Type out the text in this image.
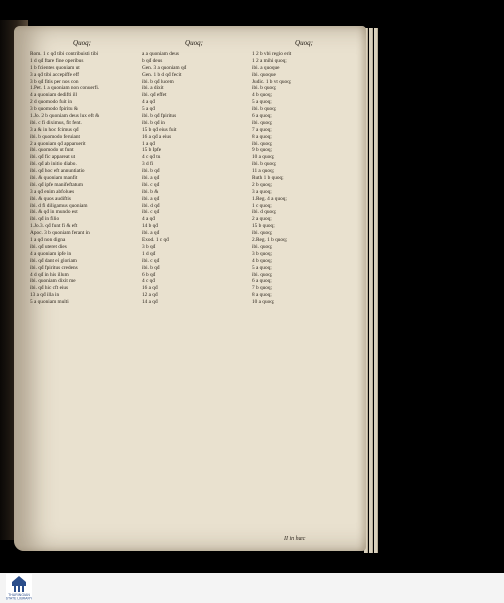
Quoq;
Rom. 1 c qđ tibi contribuisti tibi
1 d qđ ftare fine operibus
1 b fcientes quoniam ut
3 a qđ tibi accepiffe eff
3 b qđ fitis per nos con
1.Pet. 1 a quoniam non conuerfi.
4 a quoniam dedifti ill
2 d quomodo fuit in
3 b quomodo fpiritu &
1.Jo. 2 b quoniam deus lux eft &
ibi. c fi diximus, fit fent.
3 a & in hoc fcimus qđ
ibi. b quomodo feruiant
2 a quoniam qđ apparuerit
ibi. quomodo ut funt
ibi. qđ fic appareat ut
ibi. qđ ab initio diabo.
ibi. qđ hoc eft annuntiatio
ibi. & quoniam manfit
ibi. qđ ipfe manifeftatum
3 a qđ enim abfolues
ibi. & quos audiftis
ibi. d fi diligamus quoniam
ibi. & qđ in mundo est
ibi. qđ in filio
1.Jo.3. qđ funt fi & eft
Apoc. 3 b quoniam ferant in
1 a qđ non digna
ibi. qđ uteret dies
4 a quoniam ipfe in
ibi. qđ dant ei gloriam
ibi. qđ fpiritus credens
4 d qđ in his illum
ibi. quoniam dixit me
ibi. qđ hic cft eius
13 a qđ illa in
5 a quoniam multi
Quoq;
a a quoniam deus
b qđ deus
Gen. 3 a quoniam qđ
Gen. 1 b d qđ fecit
ibi. b qđ lucem
ibi. a dixit
ibi. qđ effet
4 a qđ
5 a qđ
ibi. b qđ fpiritus
ibi. b qđ in
15 b qđ eius fuit
16 a qđ a eius
1 a qđ
15 b Ipfe
4 c qđ tu
3 d fi
ibi. b qđ
ibi. a qđ
ibi. c qđ
ibi. b &
ibi. a qđ
ibi. d qđ
ibi. c qđ
4 a qđ
14 b qđ
ibi. a qđ
Exod. 1 c qđ
3 b qđ
1 d qđ
ibi. c qđ
ibi. b qđ
6 b qđ
4 c qđ
16 a qđ
12 a qđ
14 a qđ
Quoq;
1 2 b vbi regio erit
1 2 a mihi quoq;
ibi. a quoque
ibi. quoque
Judic. 1 b vt quoq;
ibi. b quoq;
4 b quoq;
5 a quoq;
ibi. b quoq;
6 a quoq;
ibi. quoq;
7 a quoq;
8 a quoq;
ibi. quoq;
9 b quoq;
10 a quoq;
ibi. b quoq;
11 a quoq;
Ruth 1 b quoq;
2 b quoq;
3 a quoq;
1.Reg. 4 a quoq;
1 c quoq;
ibi. d quoq;
2 a quoq;
15 b quoq;
ibi. quoq;
2.Reg. 1 b quoq;
ibi. quoq;
3 b quoq;
4 b quoq;
5 a quoq;
ibi. quoq;
6 a quoq;
7 b quoq;
8 a quoq;
10 a quoq;
II in hæc
THURINGIAN
STATE LIBRARY
